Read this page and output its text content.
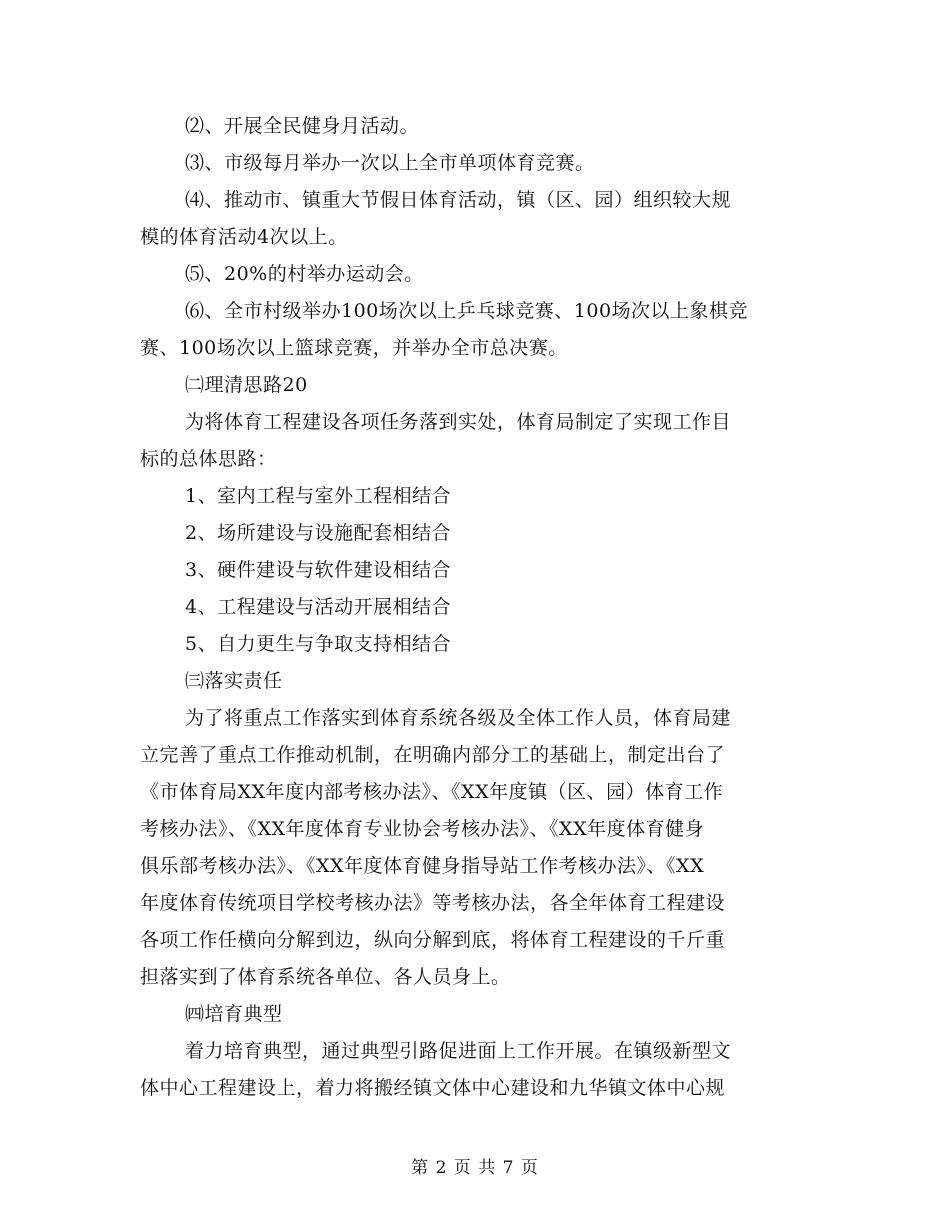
⑵、开展全民健身月活动。
⑶、市级每月举办一次以上全市单项体育竞赛。
⑷、推动市、镇重大节假日体育活动，镇（区、园）组织较大规
模的体育活动4次以上。
⑸、20%的村举办运动会。
⑹、全市村级举办100场次以上乒乓球竞赛、100场次以上象棋竞
赛、100场次以上篮球竞赛，并举办全市总决赛。
㈡理清思路20
为将体育工程建设各项任务落到实处，体育局制定了实现工作目
标的总体思路：
1、室内工程与室外工程相结合
2、场所建设与设施配套相结合
3、硬件建设与软件建设相结合
4、工程建设与活动开展相结合
5、自力更生与争取支持相结合
㈢落实责任
为了将重点工作落实到体育系统各级及全体工作人员，体育局建
立完善了重点工作推动机制，在明确内部分工的基础上，制定出台了
《市体育局XX年度内部考核办法》、《XX年度镇（区、园）体育工作
考核办法》、《XX年度体育专业协会考核办法》、《XX年度体育健身
俱乐部考核办法》、《XX年度体育健身指导站工作考核办法》、《XX
年度体育传统项目学校考核办法》等考核办法，各全年体育工程建设
各项工作任横向分解到边，纵向分解到底，将体育工程建设的千斤重
担落实到了体育系统各单位、各人员身上。
㈣培育典型
着力培育典型，通过典型引路促进面上工作开展。在镇级新型文
体中心工程建设上，着力将搬经镇文体中心建设和九华镇文体中心规
第 2 页 共 7 页
